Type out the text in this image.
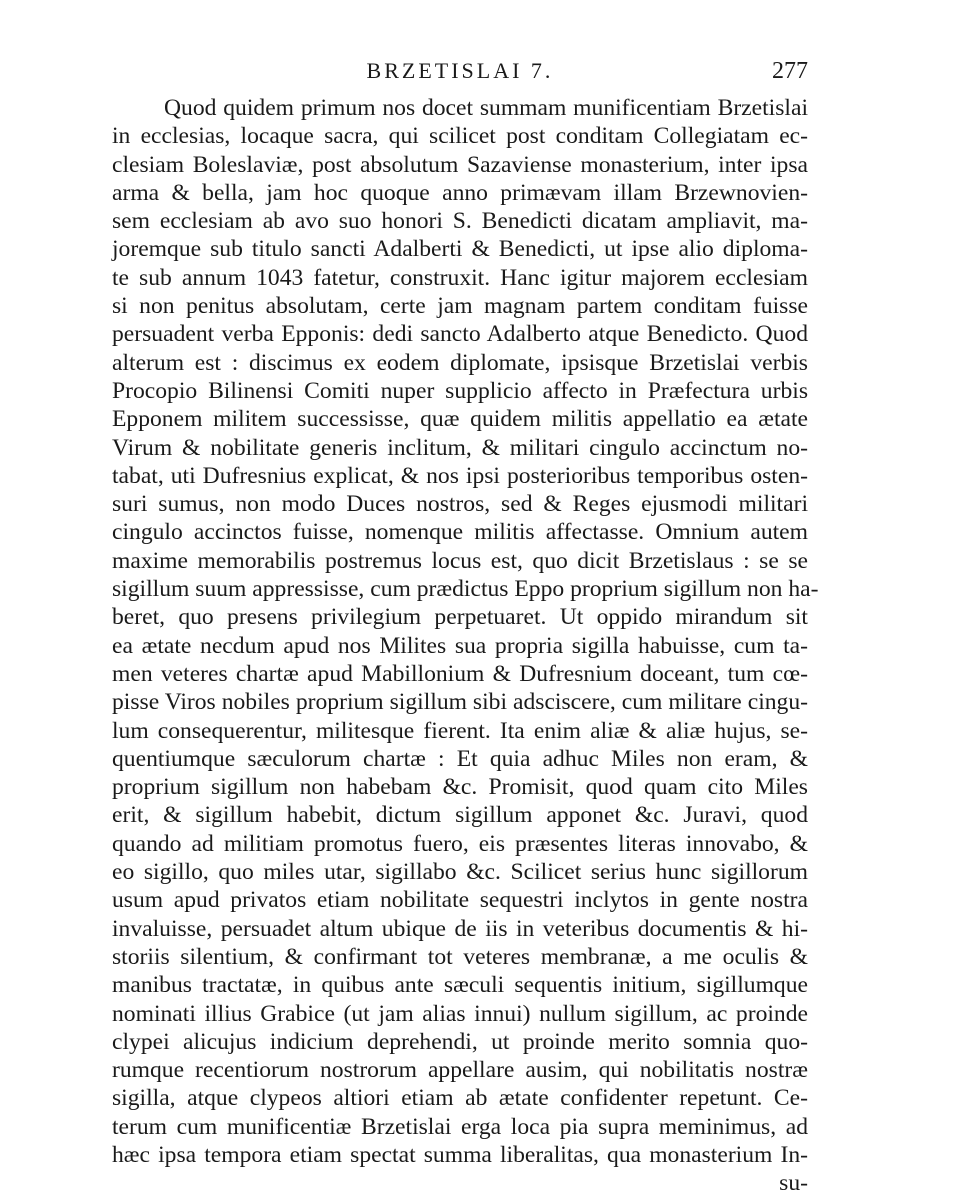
BRZETISLAI 7.	277
Quod quidem primum nos docet summam munificentiam Brzetislai
in ecclesias, locaque sacra, qui scilicet post conditam Collegiatam ec-
clesiam Boleslaviæ, post absolutum Sazaviense monasterium, inter ipsa
arma & bella, jam hoc quoque anno primævam illam Brzewnovien-
sem ecclesiam ab avo suo honori S. Benedicti dicatam ampliavit, ma-
joremque sub titulo sancti Adalberti & Benedicti, ut ipse alio diploma-
te sub annum 1043 fatetur, construxit. Hanc igitur majorem ecclesiam
si non penitus absolutam, certe jam magnam partem conditam fuisse
persuadent verba Epponis: dedi sancto Adalberto atque Benedicto. Quod
alterum est : discimus ex eodem diplomate, ipsisque Brzetislai verbis
Procopio Bilinensi Comiti nuper supplicio affecto in Præfectura urbis
Epponem militem successisse, quæ quidem militis appellatio ea ætate
Virum & nobilitate generis inclitum, & militari cingulo accinctum no-
tabat, uti Dufresnius explicat, & nos ipsi posterioribus temporibus osten-
suri sumus, non modo Duces nostros, sed & Reges ejusmodi militari
cingulo accinctos fuisse, nomenque militis affectasse. Omnium autem
maxime memorabilis postremus locus est, quo dicit Brzetislaus : se se
sigillum suum appressisse, cum prædictus Eppo proprium sigillum non ha-
beret, quo presens privilegium perpetuaret. Ut oppido mirandum sit
ea ætate necdum apud nos Milites sua propria sigilla habuisse, cum ta-
men veteres chartæ apud Mabillonium & Dufresnium doceant, tum cœ-
pisse Viros nobiles proprium sigillum sibi adsciscere, cum militare cingu-
lum consequerentur, militesque fierent. Ita enim aliæ & aliæ hujus, se-
quentiumque sæculorum chartæ : Et quia adhuc Miles non eram, &
proprium sigillum non habebam &c. Promisit, quod quam cito Miles
erit, & sigillum habebit, dictum sigillum apponet &c. Juravi, quod
quando ad militiam promotus fuero, eis præsentes literas innovabo, &
eo sigillo, quo miles utar, sigillabo &c. Scilicet serius hunc sigillorum
usum apud privatos etiam nobilitate sequestri inclytos in gente nostra
invaluisse, persuadet altum ubique de iis in veteribus documentis & hi-
storiis silentium, & confirmant tot veteres membranæ, a me oculis &
manibus tractatæ, in quibus ante sæculi sequentis initium, sigillumque
nominati illius Grabice (ut jam alias innui) nullum sigillum, ac proinde
clypei alicujus indicium deprehendi, ut proinde merito somnia quo-
rumque recentiorum nostrorum appellare ausim, qui nobilitatis nostræ
sigilla, atque clypeos altiori etiam ab ætate confidenter repetunt. Ce-
terum cum munificentiæ Brzetislai erga loca pia supra meminimus, ad
hæc ipsa tempora etiam spectat summa liberalitas, qua monasterium In-
su-
